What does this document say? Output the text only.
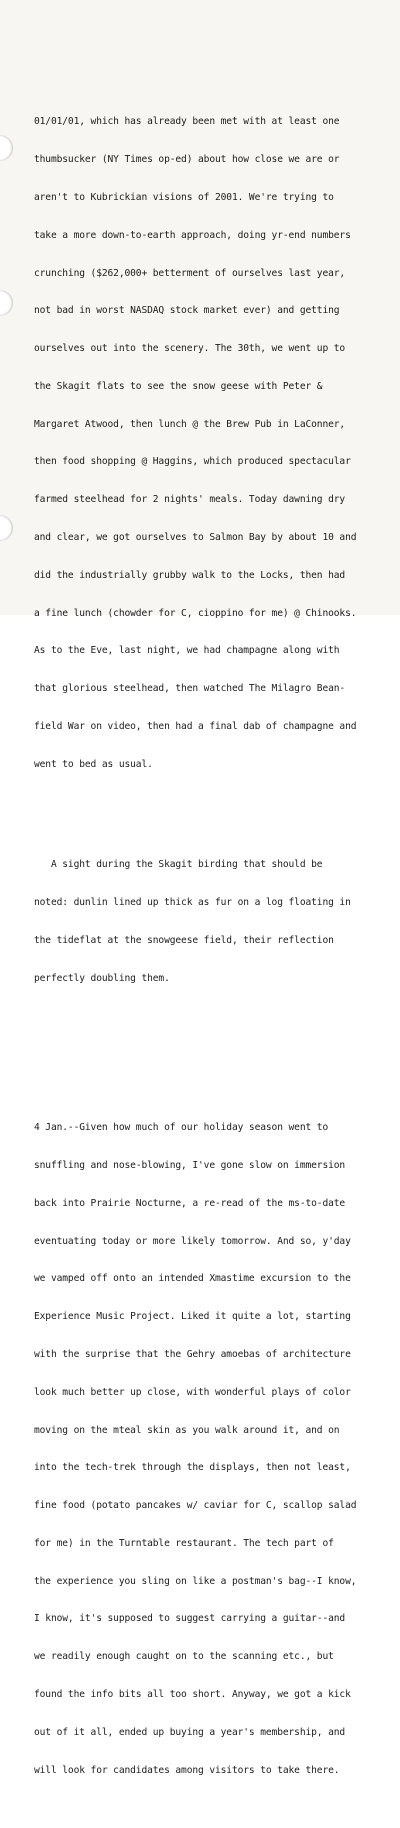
01/01/01, which has already been met with at least one

thumbsucker (NY Times op-ed) about how close we are or

aren't to Kubrickian visions of 2001. We're trying to

take a more down-to-earth approach, doing yr-end numbers

crunching ($262,000+ betterment of ourselves last year,

not bad in worst NASDAQ stock market ever) and getting

ourselves out into the scenery. The 30th, we went up to

the Skagit flats to see the snow geese with Peter &

Margaret Atwood, then lunch @ the Brew Pub in LaConner,

then food shopping @ Haggins, which produced spectacular

farmed steelhead for 2 nights' meals. Today dawning dry

and clear, we got ourselves to Salmon Bay by about 10 and

did the industrially grubby walk to the Locks, then had

a fine lunch (chowder for C, cioppino for me) @ Chinooks.

As to the Eve, last night, we had champagne along with

that glorious steelhead, then watched The Milagro Bean-

field War on video, then had a final dab of champagne and

went to bed as usual.

A sight during the Skagit birding that should be

noted: dunlin lined up thick as fur on a log floating in

the tideflat at the snowgeese field, their reflection

perfectly doubling them.

4 Jan.--Given how much of our holiday season went to

snuffling and nose-blowing, I've gone slow on immersion

back into Prairie Nocturne, a re-read of the ms-to-date

eventuating today or more likely tomorrow. And so, y'day

we vamped off onto an intended Xmastime excursion to the

Experience Music Project. Liked it quite a lot, starting

with the surprise that the Gehry amoebas of architecture

look much better up close, with wonderful plays of color

moving on the mteal skin as you walk around it, and on

into the tech-trek through the displays, then not least,

fine food (potato pancakes w/ caviar for C, scallop salad

for me) in the Turntable restaurant. The tech part of

the experience you sling on like a postman's bag--I know,

I know, it's supposed to suggest carrying a guitar--and

we readily enough caught on to the scanning etc., but

found the info bits all too short. Anyway, we got a kick

out of it all, ended up buying a year's membership, and

will look for candidates among visitors to take there.
